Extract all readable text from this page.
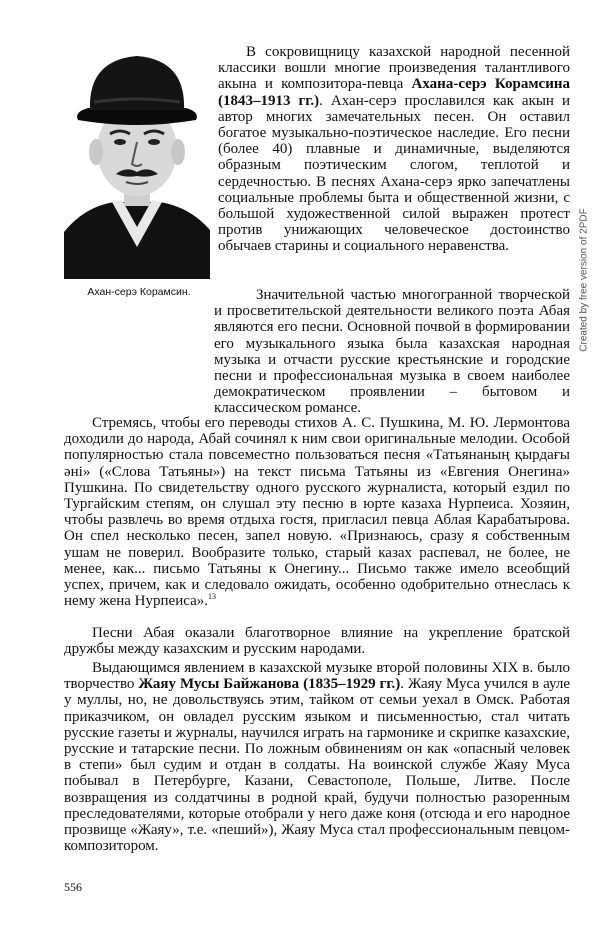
Ахан-серэ Корамсин.

В сокровищницу казахской народной песенной классики вошли многие произведения талантливого акына и композитора-певца Ахана-серэ Корамсина (1843–1913 гг.). Ахан-серэ прославился как акын и автор многих замечательных песен. Он оставил богатое музыкально-поэтическое наследие. Его песни (более 40) плавные и динамичные, выделяются образным поэтическим слогом, теплотой и сердечностью. В песнях Ахана-серэ ярко запечатлены социальные проблемы быта и общественной жизни, с большой художественной силой выражен протест против унижающих человеческое достоинство обычаев старины и социального неравенства.

Значительной частью многогранной творческой и просветительской деятельности великого поэта Абая являются его песни. Основной почвой в формировании его музыкального языка была казахская народная музыка и отчасти русские крестьянские и городские песни и профессиональная музыка в своем наиболее демократическом проявлении – бытовом и классическом романсе.

Стремясь, чтобы его переводы стихов А. С. Пушкина, М. Ю. Лермонтова доходили до народа, Абай сочинял к ним свои оригинальные мелодии. Особой популярностью стала повсеместно пользоваться песня «Татьянаның қырдағы әні» («Слова Татьяны») на текст письма Татьяны из «Евгения Онегина» Пушкина. По свидетельству одного русского журналиста, который ездил по Тургайским степям, он слушал эту песню в юрте казаха Нурпеиса. Хозяин, чтобы развлечь во время отдыха гостя, пригласил певца Аблая Карабатырова. Он спел несколько песен, запел новую. «Признаюсь, сразу я собственным ушам не поверил. Вообразите только, старый казах распевал, не более, не менее, как... письмо Татьяны к Онегину... Письмо также имело всеобщий успех, причем, как и следовало ожидать, особенно одобрительно отнеслась к нему жена Нурпеиса».$^{13}$

Песни Абая оказали благотворное влияние на укрепление братской дружбы между казахским и русским народами.

Выдающимся явлением в казахской музыке второй половины XIX в. было творчество Жаяу Мусы Байжанова (1835–1929 гг.). Жаяу Муса учился в ауле у муллы, но, не довольствуясь этим, тайком от семьи уехал в Омск. Работая приказчиком, он овладел русским языком и письменностью, стал читать русские газеты и журналы, научился играть на гармонике и скрипке казахские, русские и татарские песни. По ложным обвинениям он как «опасный человек в степи» был судим и отдан в солдаты. На воинской службе Жаяу Муса побывал в Петербурге, Казани, Севастополе, Польше, Литве. После возвращения из солдатчины в родной край, будучи полностью разоренным преследователями, которые отобрали у него даже коня (отсюда и его народное прозвище «Жаяу», т.е. «пеший»), Жаяу Муса стал профессиональным певцом-композитором.

556
Created by free version of 2PDF
